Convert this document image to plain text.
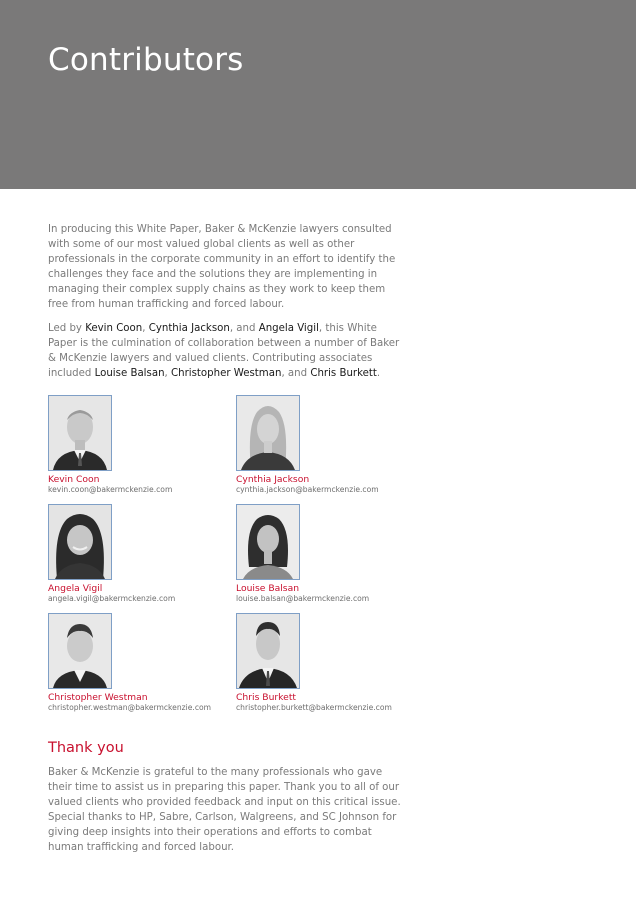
Contributors

In producing this White Paper, Baker & McKenzie lawyers consulted with some of our most valued global clients as well as other professionals in the corporate community in an effort to identify the challenges they face and the solutions they are implementing in managing their complex supply chains as they work to keep them free from human trafficking and forced labour.

Led by Kevin Coon, Cynthia Jackson, and Angela Vigil, this White Paper is the culmination of collaboration between a number of Baker & McKenzie lawyers and valued clients. Contributing associates included Louise Balsan, Christopher Westman, and Chris Burkett.

Kevin Coon
kevin.coon@bakermckenzie.com
Cynthia Jackson
cynthia.jackson@bakermckenzie.com
Angela Vigil
angela.vigil@bakermckenzie.com
Louise Balsan
louise.balsan@bakermckenzie.com
Christopher Westman
christopher.westman@bakermckenzie.com
Chris Burkett
christopher.burkett@bakermckenzie.com
Thank you

Baker & McKenzie is grateful to the many professionals who gave their time to assist us in preparing this paper. Thank you to all of our valued clients who provided feedback and input on this critical issue. Special thanks to HP, Sabre, Carlson, Walgreens, and SC Johnson for giving deep insights into their operations and efforts to combat human trafficking and forced labour.
